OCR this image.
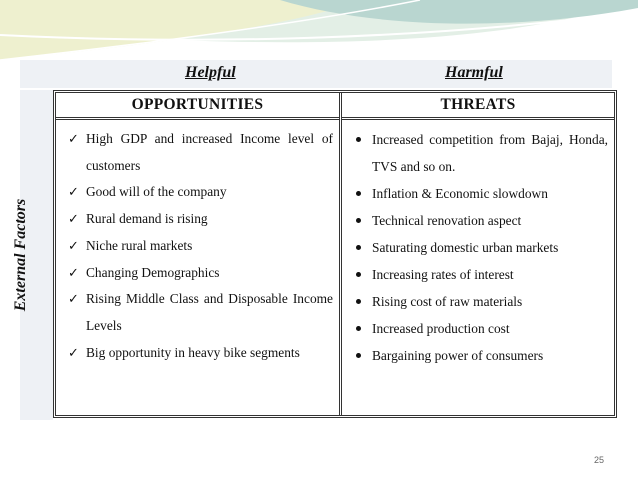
Helpful	Harmful
External Factors
OPPORTUNITIES
✓ High GDP and increased Income level of customers
✓ Good will of the company
✓ Rural demand is rising
✓ Niche rural markets
✓ Changing Demographics
✓ Rising Middle Class and Disposable Income Levels
✓ Big opportunity in heavy bike segments
THREATS
Increased competition from Bajaj, Honda, TVS and so on.
Inflation & Economic slowdown
Technical renovation aspect
Saturating domestic urban markets
Increasing rates of interest
Rising cost of raw materials
Increased production cost
Bargaining power of consumers
25
